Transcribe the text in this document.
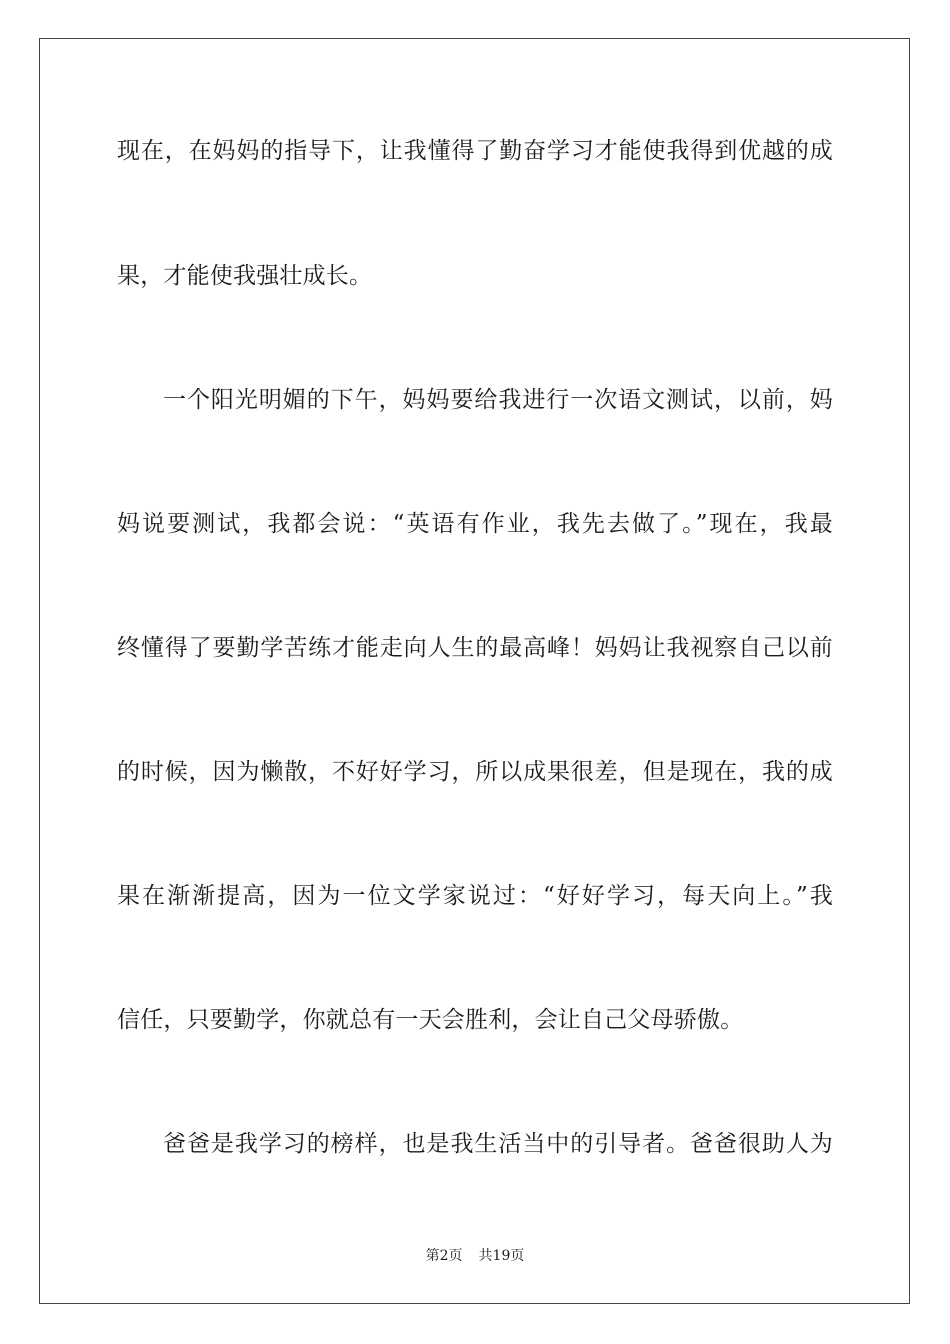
现在，在妈妈的指导下，让我懂得了勤奋学习才能使我得到优越的成
果，才能使我强壮成长。
一个阳光明媚的下午，妈妈要给我进行一次语文测试，以前，妈
妈说要测试，我都会说：“英语有作业，我先去做了。”现在，我最
终懂得了要勤学苦练才能走向人生的最高峰！妈妈让我视察自己以前
的时候，因为懒散，不好好学习，所以成果很差，但是现在，我的成
果在渐渐提高，因为一位文学家说过：“好好学习，每天向上。”我
信任，只要勤学，你就总有一天会胜利，会让自己父母骄傲。
爸爸是我学习的榜样，也是我生活当中的引导者。爸爸很助人为
第2页 共19页
